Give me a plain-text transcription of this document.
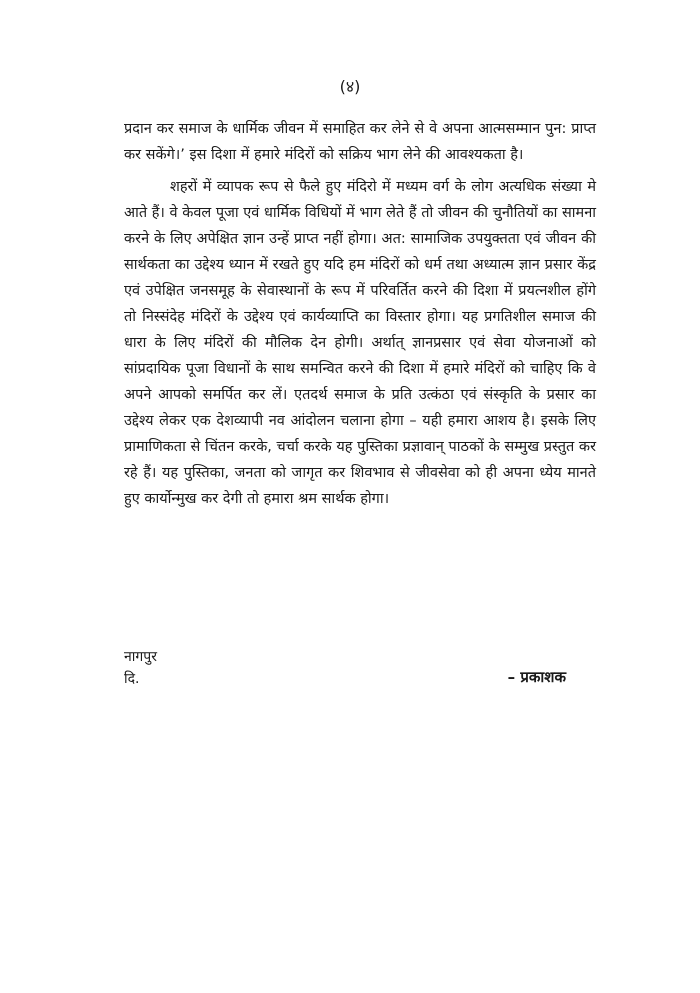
(४)

प्रदान कर समाज के धार्मिक जीवन में समाहित कर लेने से वे अपना आत्मसम्मान पुन: प्राप्त कर सकेंगे।’ इस दिशा में हमारे मंदिरों को सक्रिय भाग लेने की आवश्यकता है।

शहरों में व्यापक रूप से फैले हुए मंदिरो में मध्यम वर्ग के लोग अत्यधिक संख्या मे आते हैं। वे केवल पूजा एवं धार्मिक विधियों में भाग लेते हैं तो जीवन की चुनौतियों का सामना करने के लिए अपेक्षित ज्ञान उन्हें प्राप्त नहीं होगा। अत: सामाजिक उपयुक्तता एवं जीवन की सार्थकता का उद्देश्य ध्यान में रखते हुए यदि हम मंदिरों को धर्म तथा अध्यात्म ज्ञान प्रसार केंद्र एवं उपेक्षित जनसमूह के सेवास्थानों के रूप में परिवर्तित करने की दिशा में प्रयत्नशील होंगे तो निस्संदेह मंदिरों के उद्देश्य एवं कार्यव्याप्ति का विस्तार होगा। यह प्रगतिशील समाज की धारा के लिए मंदिरों की मौलिक देन होगी। अर्थात् ज्ञानप्रसार एवं सेवा योजनाओं को सांप्रदायिक पूजा विधानों के साथ समन्वित करने की दिशा में हमारे मंदिरों को चाहिए कि वे अपने आपको समर्पित कर लें। एतदर्थ समाज के प्रति उत्कंठा एवं संस्कृति के प्रसार का उद्देश्य लेकर एक देशव्यापी नव आंदोलन चलाना होगा – यही हमारा आशय है। इसके लिए प्रामाणिकता से चिंतन करके, चर्चा करके यह पुस्तिका प्रज्ञावान् पाठकों के सम्मुख प्रस्तुत कर रहे हैं। यह पुस्तिका, जनता को जागृत कर शिवभाव से जीवसेवा को ही अपना ध्येय मानते हुए कार्योन्मुख कर देगी तो हमारा श्रम सार्थक होगा।

नागपुर
दि.	– प्रकाशक
